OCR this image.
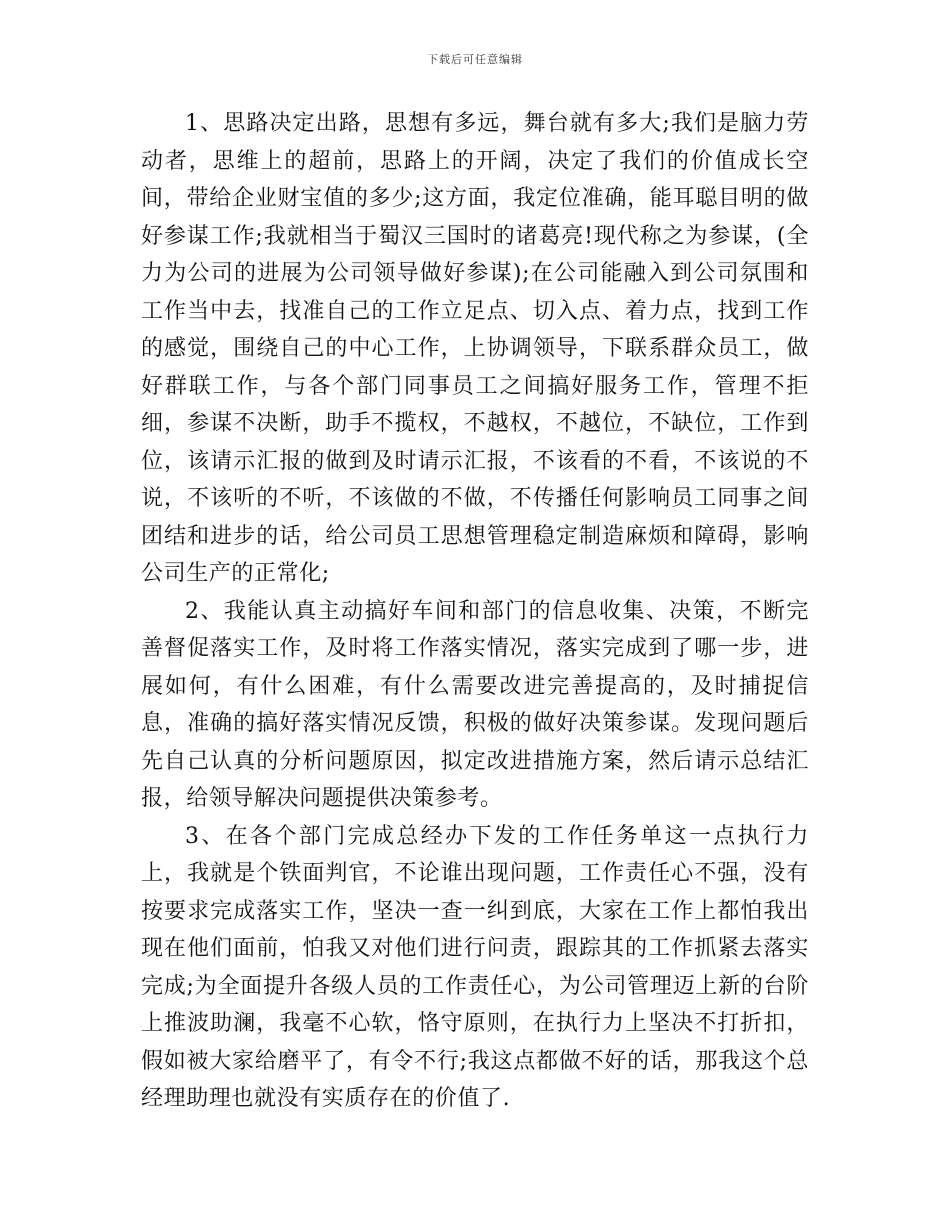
下载后可任意编辑

1、思路决定出路，思想有多远，舞台就有多大;我们是脑力劳动者，思维上的超前，思路上的开阔，决定了我们的价值成长空间，带给企业财宝值的多少;这方面，我定位准确，能耳聪目明的做好参谋工作;我就相当于蜀汉三国时的诸葛亮!现代称之为参谋，(全力为公司的进展为公司领导做好参谋);在公司能融入到公司氛围和工作当中去，找准自己的工作立足点、切入点、着力点，找到工作的感觉，围绕自己的中心工作，上协调领导，下联系群众员工，做好群联工作，与各个部门同事员工之间搞好服务工作，管理不拒细，参谋不决断，助手不揽权，不越权，不越位，不缺位，工作到位，该请示汇报的做到及时请示汇报，不该看的不看，不该说的不说，不该听的不听，不该做的不做，不传播任何影响员工同事之间团结和进步的话，给公司员工思想管理稳定制造麻烦和障碍，影响公司生产的正常化;

2、我能认真主动搞好车间和部门的信息收集、决策，不断完善督促落实工作，及时将工作落实情况，落实完成到了哪一步，进展如何，有什么困难，有什么需要改进完善提高的，及时捕捉信息，准确的搞好落实情况反馈，积极的做好决策参谋。发现问题后先自己认真的分析问题原因，拟定改进措施方案，然后请示总结汇报，给领导解决问题提供决策参考。

3、在各个部门完成总经办下发的工作任务单这一点执行力上，我就是个铁面判官，不论谁出现问题，工作责任心不强，没有按要求完成落实工作，坚决一查一纠到底，大家在工作上都怕我出现在他们面前，怕我又对他们进行问责，跟踪其的工作抓紧去落实完成;为全面提升各级人员的工作责任心，为公司管理迈上新的台阶上推波助澜，我毫不心软，恪守原则，在执行力上坚决不打折扣，假如被大家给磨平了，有令不行;我这点都做不好的话，那我这个总经理助理也就没有实质存在的价值了.
